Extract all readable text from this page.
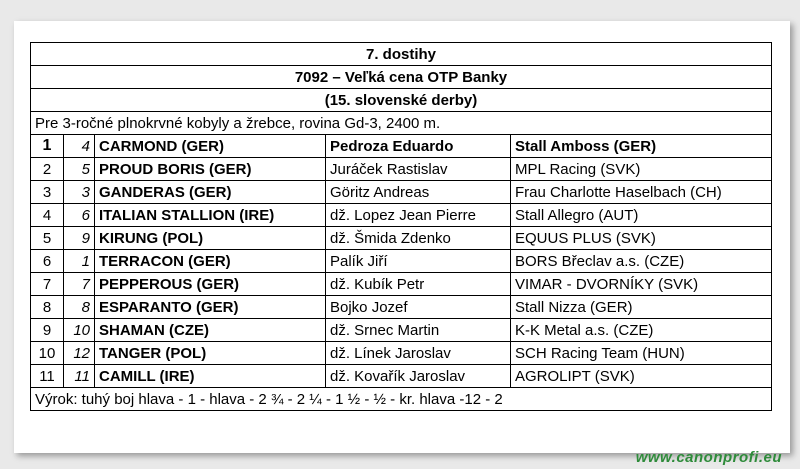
7. dostihy				
7092 – Veľká cena OTP Banky				
(15. slovenské derby)				
Pre 3-ročné plnokrvné kobyly a žrebce, rovina Gd-3, 2400 m.				
1	4	CARMOND (GER)	Pedroza Eduardo	Stall Amboss (GER)
2	5	PROUD BORIS (GER)	Juráček Rastislav	MPL Racing (SVK)
3	3	GANDERAS (GER)	Göritz Andreas	Frau Charlotte Haselbach (CH)
4	6	ITALIAN STALLION (IRE)	dž. Lopez Jean Pierre	Stall Allegro (AUT)
5	9	KIRUNG (POL)	dž. Šmida Zdenko	EQUUS PLUS (SVK)
6	1	TERRACON (GER)	Palík Jiří	BORS Břeclav a.s. (CZE)
7	7	PEPPEROUS (GER)	dž. Kubík Petr	VIMAR - DVORNÍKY (SVK)
8	8	ESPARANTO (GER)	Bojko Jozef	Stall Nizza (GER)
9	10	SHAMAN (CZE)	dž. Srnec Martin	K-K Metal a.s. (CZE)
10	12	TANGER (POL)	dž. Línek Jaroslav	SCH Racing Team (HUN)
11	11	CAMILL (IRE)	dž. Kovařík Jaroslav	AGROLIPT (SVK)
Výrok: tuhý boj hlava - 1 - hlava - 2 ¾ - 2 ¼ - 1 ½ - ½ - kr. hlava -12 - 2				
www.canonprofi.eu
